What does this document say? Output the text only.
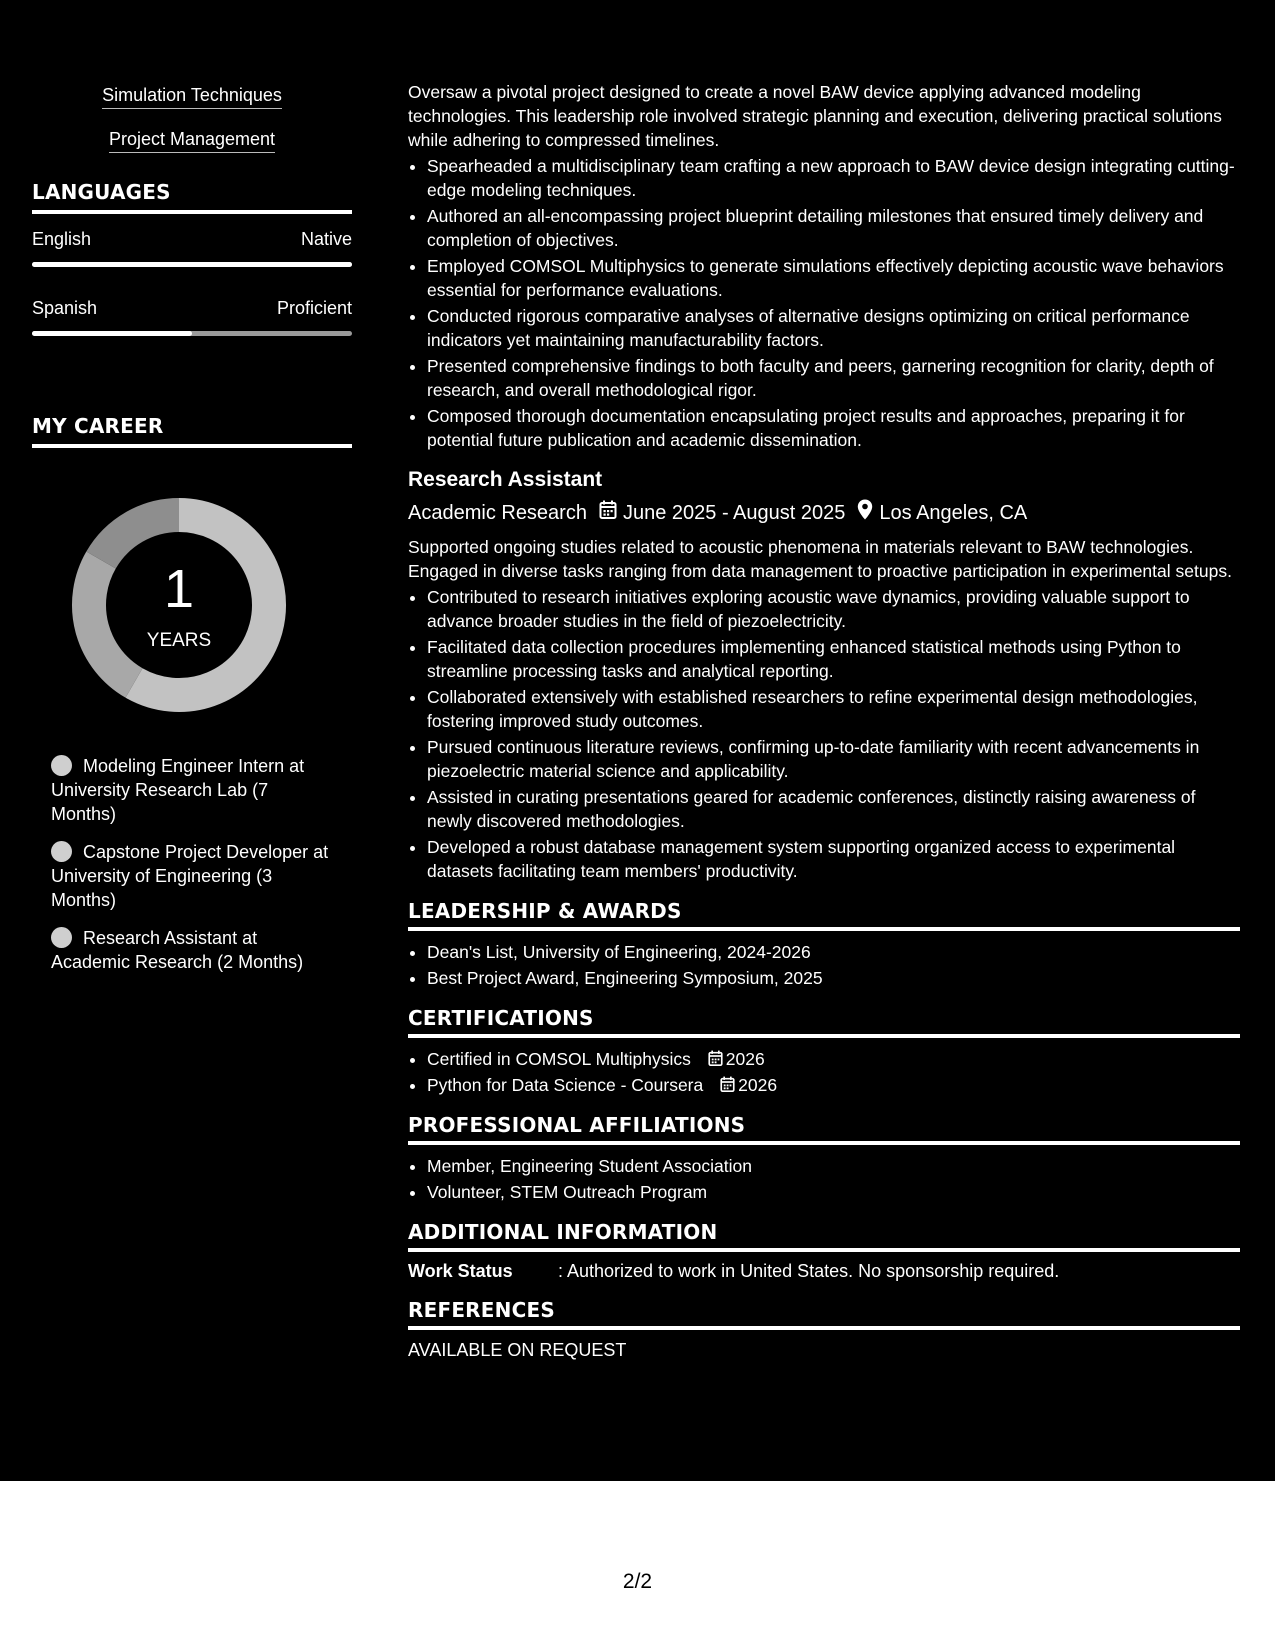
Simulation Techniques
Project Management
LANGUAGES
English	Native
Spanish	Proficient
MY CAREER
1
YEARS
Modeling Engineer Intern at University Research Lab (7 Months)
Capstone Project Developer at University of Engineering (3 Months)
Research Assistant at Academic Research (2 Months)

Oversaw a pivotal project designed to create a novel BAW device applying advanced modeling technologies. This leadership role involved strategic planning and execution, delivering practical solutions while adhering to compressed timelines.

• Spearheaded a multidisciplinary team crafting a new approach to BAW device design integrating cutting-edge modeling techniques.
• Authored an all-encompassing project blueprint detailing milestones that ensured timely delivery and completion of objectives.
• Employed COMSOL Multiphysics to generate simulations effectively depicting acoustic wave behaviors essential for performance evaluations.
• Conducted rigorous comparative analyses of alternative designs optimizing on critical performance indicators yet maintaining manufacturability factors.
• Presented comprehensive findings to both faculty and peers, garnering recognition for clarity, depth of research, and overall methodological rigor.
• Composed thorough documentation encapsulating project results and approaches, preparing it for potential future publication and academic dissemination.
Research Assistant
Academic Research June 2025 - August 2025 Los Angeles, CA

Supported ongoing studies related to acoustic phenomena in materials relevant to BAW technologies. Engaged in diverse tasks ranging from data management to proactive participation in experimental setups.

• Contributed to research initiatives exploring acoustic wave dynamics, providing valuable support to advance broader studies in the field of piezoelectricity.
• Facilitated data collection procedures implementing enhanced statistical methods using Python to streamline processing tasks and analytical reporting.
• Collaborated extensively with established researchers to refine experimental design methodologies, fostering improved study outcomes.
• Pursued continuous literature reviews, confirming up-to-date familiarity with recent advancements in piezoelectric material science and applicability.
• Assisted in curating presentations geared for academic conferences, distinctly raising awareness of newly discovered methodologies.
• Developed a robust database management system supporting organized access to experimental datasets facilitating team members' productivity.
LEADERSHIP & AWARDS
• Dean's List, University of Engineering, 2024-2026
• Best Project Award, Engineering Symposium, 2025
CERTIFICATIONS
• Certified in COMSOL Multiphysics 2026
• Python for Data Science - Coursera 2026
PROFESSIONAL AFFILIATIONS
• Member, Engineering Student Association
• Volunteer, STEM Outreach Program
ADDITIONAL INFORMATION
Work Status	: Authorized to work in United States. No sponsorship required.
REFERENCES
AVAILABLE ON REQUEST
2/2
